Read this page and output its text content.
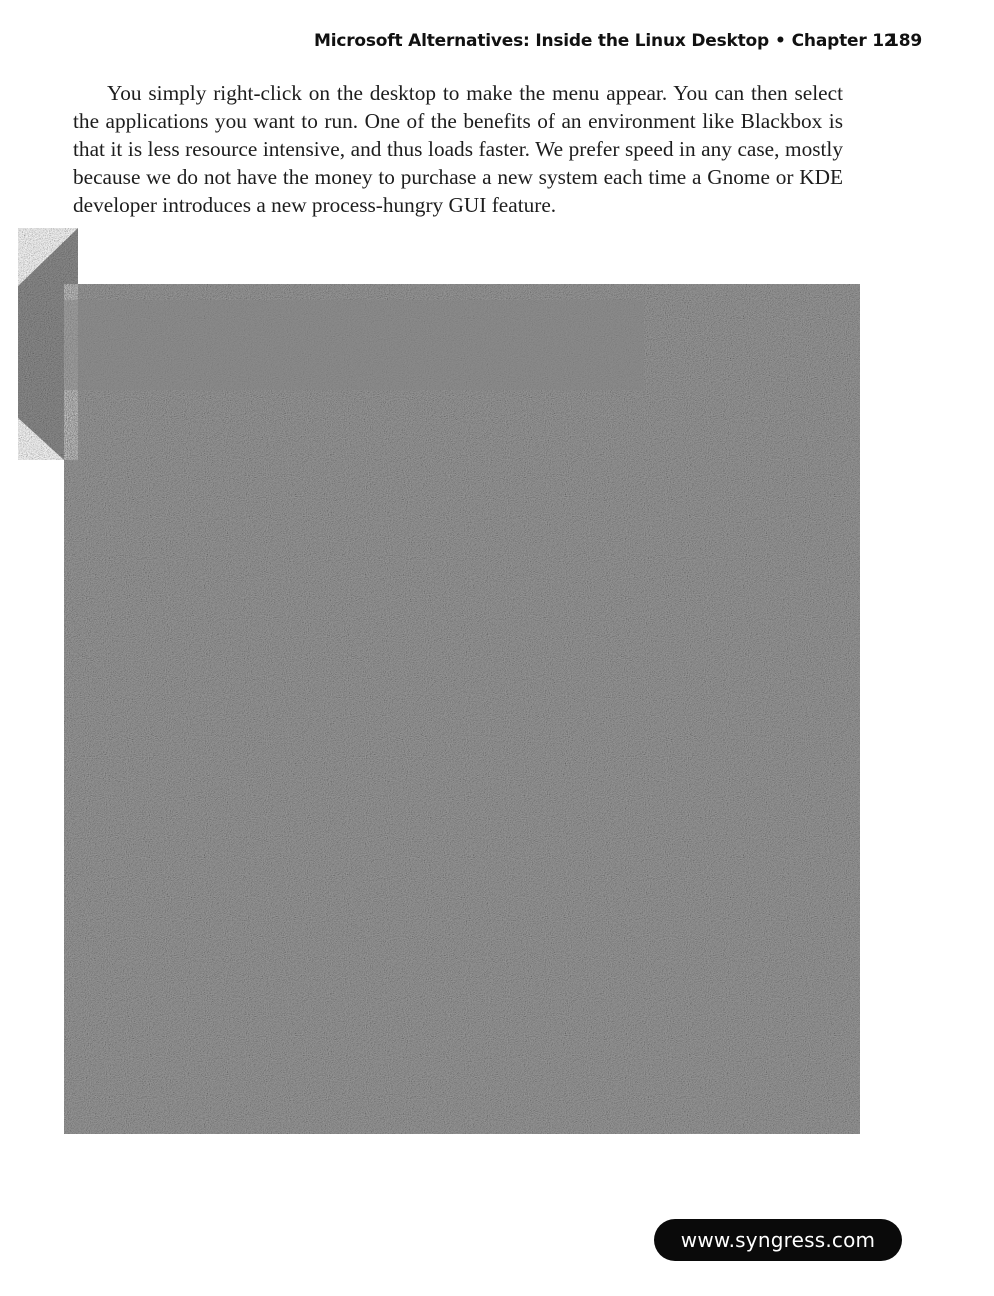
Microsoft Alternatives: Inside the Linux Desktop • Chapter 12
189

You simply right-click on the desktop to make the menu appear. You can then select the applications you want to run. One of the benefits of an environment like Blackbox is that it is less resource intensive, and thus loads faster. We prefer speed in any case, mostly because we do not have the money to purchase a new system each time a Gnome or KDE developer introduces a new process-hungry GUI feature.

www.syngress.com
